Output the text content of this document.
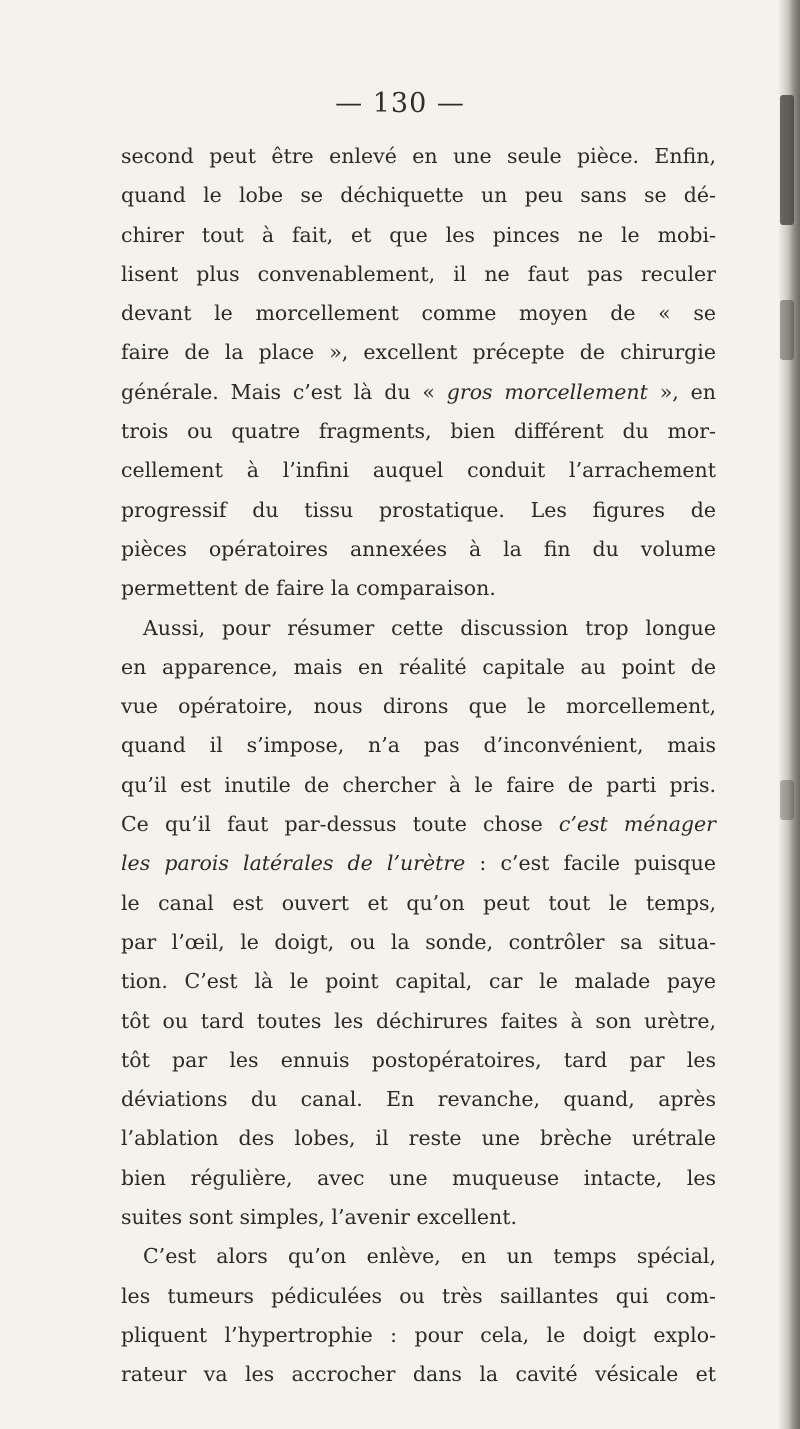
— 130 —
second peut être enlevé en une seule pièce. Enfin,
quand le lobe se déchiquette un peu sans se dé-
chirer tout à fait, et que les pinces ne le mobi-
lisent plus convenablement, il ne faut pas reculer
devant le morcellement comme moyen de « se
faire de la place », excellent précepte de chirurgie
générale. Mais c’est là du « gros morcellement », en
trois ou quatre fragments, bien différent du mor-
cellement à l’infini auquel conduit l’arrachement
progressif du tissu prostatique. Les figures de
pièces opératoires annexées à la fin du volume
permettent de faire la comparaison.
Aussi, pour résumer cette discussion trop longue
en apparence, mais en réalité capitale au point de
vue opératoire, nous dirons que le morcellement,
quand il s’impose, n’a pas d’inconvénient, mais
qu’il est inutile de chercher à le faire de parti pris.
Ce qu’il faut par-dessus toute chose c’est ménager
les parois latérales de l’urètre : c’est facile puisque
le canal est ouvert et qu’on peut tout le temps,
par l’œil, le doigt, ou la sonde, contrôler sa situa-
tion. C’est là le point capital, car le malade paye
tôt ou tard toutes les déchirures faites à son urètre,
tôt par les ennuis postopératoires, tard par les
déviations du canal. En revanche, quand, après
l’ablation des lobes, il reste une brèche urétrale
bien régulière, avec une muqueuse intacte, les
suites sont simples, l’avenir excellent.
C’est alors qu’on enlève, en un temps spécial,
les tumeurs pédiculées ou très saillantes qui com-
pliquent l’hypertrophie : pour cela, le doigt explo-
rateur va les accrocher dans la cavité vésicale et
